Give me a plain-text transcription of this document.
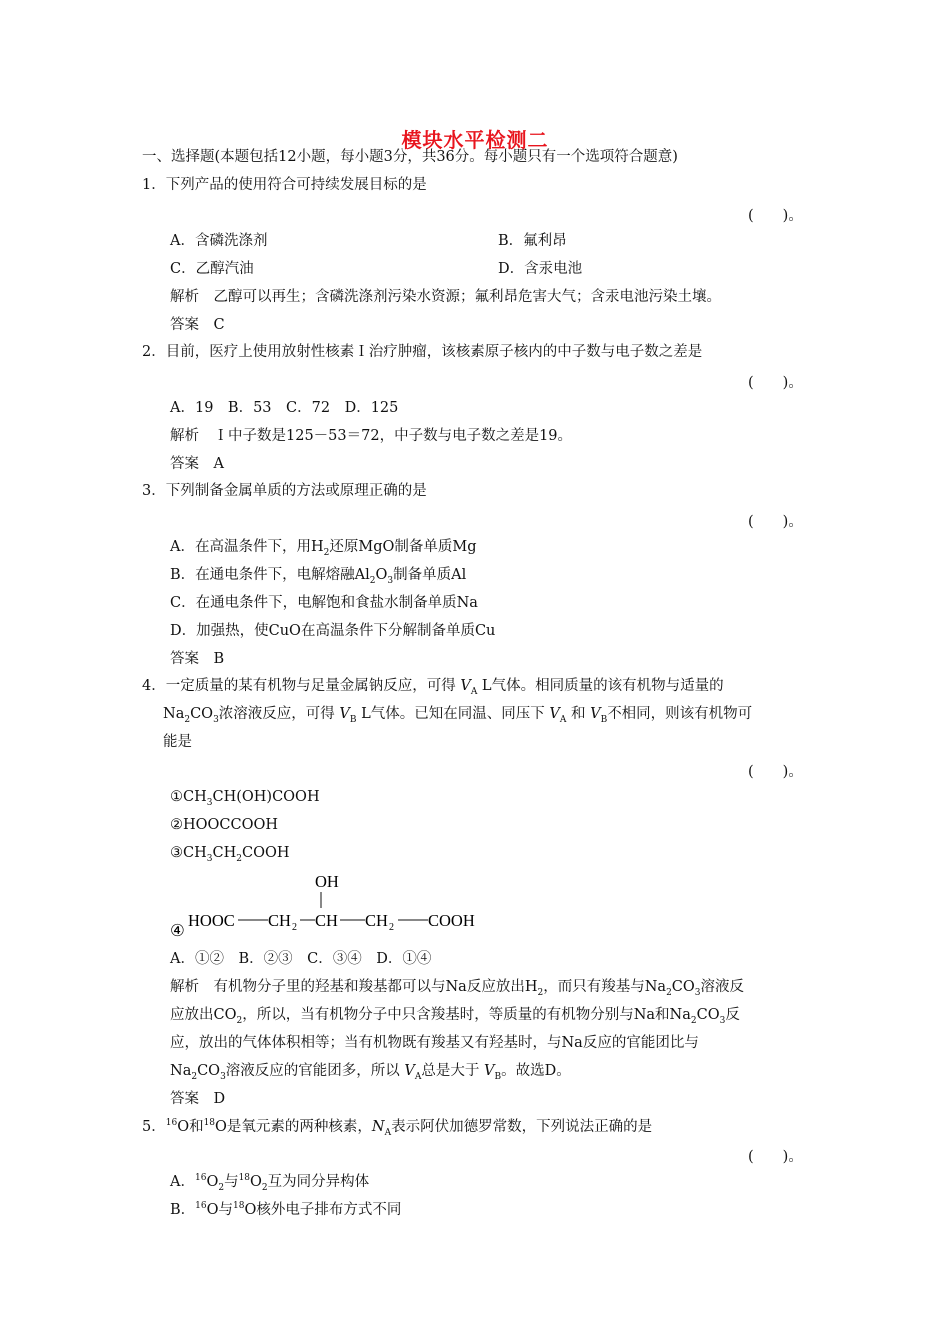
模块水平检测二
一、选择题(本题包括12小题，每小题3分，共36分。每小题只有一个选项符合题意)
1．下列产品的使用符合可持续发展目标的是
(　　)。
A．含磷洗涤剂	B．氟利昂
C．乙醇汽油	D．含汞电池
解析　乙醇可以再生；含磷洗涤剂污染水资源；氟利昂危害大气；含汞电池污染土壤。
答案　C
2．目前，医疗上使用放射性核素Ｉ治疗肿瘤，该核素原子核内的中子数与电子数之差是
(　　)。
A．19　B．53　C．72　D．125
解析　Ｉ中子数是125－53＝72，中子数与电子数之差是19。
答案　A
3．下列制备金属单质的方法或原理正确的是
(　　)。
A．在高温条件下，用$H_2$还原MgO制备单质Mg
B．在通电条件下，电解熔融$Al_2O_3$制备单质Al
C．在通电条件下，电解饱和食盐水制备单质Na
D．加强热，使CuO在高温条件下分解制备单质Cu
答案　B
4．一定质量的某有机物与足量金属钠反应，可得 $V_A$ L气体。相同质量的该有机物与适量的
$Na_2CO_3$浓溶液反应，可得 $V_B$ L气体。已知在同温、同压下 $V_A$ 和 $V_B$不相同，则该有机物可
能是
(　　)。
$①CH_3CH(OH)COOH$
②HOOCCOOH
$③CH_3CH_2COOH$
④
OH
HOOC CH 2 CH CH 2 COOH
A．①②　B．②③　C．③④　D．①④
解析　有机物分子里的羟基和羧基都可以与Na反应放出$H_2$，而只有羧基与$Na_2CO_3$溶液反
应放出$CO_2$，所以，当有机物分子中只含羧基时，等质量的有机物分别与Na和$Na_2CO_3$反
应，放出的气体体积相等；当有机物既有羧基又有羟基时，与Na反应的官能团比与
$Na_2CO_3$溶液反应的官能团多，所以 $V_A$总是大于 $V_B$。故选D。
答案　D
5．$^{16}$O和$^{18}$O是氧元素的两种核素，$N_A$表示阿伏加德罗常数，下列说法正确的是
(　　)。
A．$^{16}O_2$与$^{18}O_2$互为同分异构体
B．$^{16}$O与$^{18}$O核外电子排布方式不同
